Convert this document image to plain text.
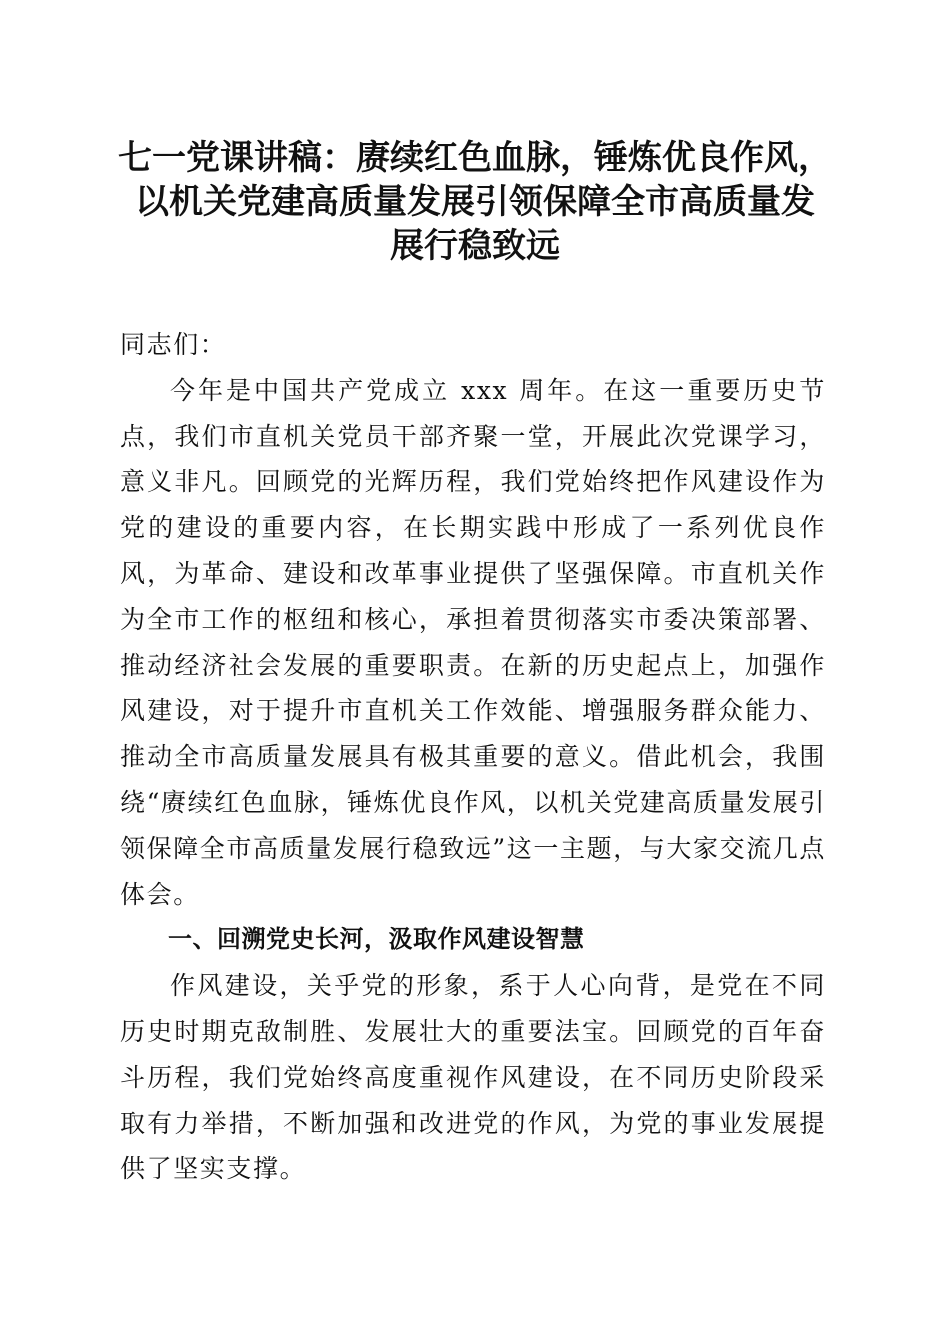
七一党课讲稿：赓续红色血脉，锤炼优良作风，
以机关党建高质量发展引领保障全市高质量发
展行稳致远

同志们：

今年是中国共产党成立 xxx 周年。在这一重要历史节点，我们市直机关党员干部齐聚一堂，开展此次党课学习，意义非凡。回顾党的光辉历程，我们党始终把作风建设作为党的建设的重要内容，在长期实践中形成了一系列优良作风，为革命、建设和改革事业提供了坚强保障。市直机关作为全市工作的枢纽和核心，承担着贯彻落实市委决策部署、推动经济社会发展的重要职责。在新的历史起点上，加强作风建设，对于提升市直机关工作效能、增强服务群众能力、推动全市高质量发展具有极其重要的意义。借此机会，我围绕“赓续红色血脉，锤炼优良作风，以机关党建高质量发展引领保障全市高质量发展行稳致远”这一主题，与大家交流几点体会。

一、回溯党史长河，汲取作风建设智慧

作风建设，关乎党的形象，系于人心向背，是党在不同历史时期克敌制胜、发展壮大的重要法宝。回顾党的百年奋斗历程，我们党始终高度重视作风建设，在不同历史阶段采取有力举措，不断加强和改进党的作风，为党的事业发展提供了坚实支撑。
